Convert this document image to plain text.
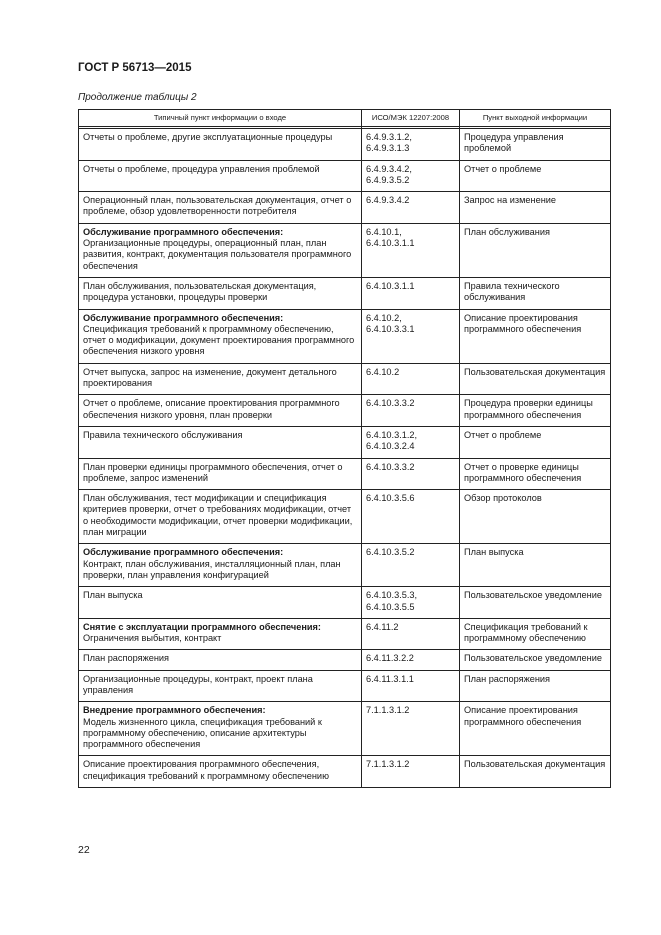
ГОСТ Р 56713—2015
Продолжение таблицы 2
Типичный пункт информации о входе	ИСО/МЭК 12207:2008	Пункт выходной информации

Отчеты о проблеме, другие эксплуатационные процедуры	6.4.9.3.1.2,
6.4.9.3.1.3	Процедура управления проблемой

Отчеты о проблеме, процедура управления проблемой	6.4.9.3.4.2,
6.4.9.3.5.2	Отчет о проблеме

Операционный план, пользовательская документация, отчет о проблеме, обзор удовлетворенности потребителя	6.4.9.3.4.2	Запрос на изменение

Обслуживание программного обеспечения:
Организационные процедуры, операционный план, план развития, контракт, документация пользователя программного обеспечения	6.4.10.1,
6.4.10.3.1.1	План обслуживания

План обслуживания, пользовательская документация, процедура установки, процедуры проверки	6.4.10.3.1.1	Правила технического обслуживания

Обслуживание программного обеспечения:
Спецификация требований к программному обеспечению, отчет о модификации, документ проектирования программного обеспечения низкого уровня	6.4.10.2,
6.4.10.3.3.1	Описание проектирования программного обеспечения

Отчет выпуска, запрос на изменение, документ детального проектирования	6.4.10.2	Пользовательская документация

Отчет о проблеме, описание проектирования программного обеспечения низкого уровня, план проверки	6.4.10.3.3.2	Процедура проверки единицы программного обеспечения

Правила технического обслуживания	6.4.10.3.1.2,
6.4.10.3.2.4	Отчет о проблеме

План проверки единицы программного обеспечения, отчет о проблеме, запрос изменений	6.4.10.3.3.2	Отчет о проверке единицы программного обеспечения

План обслуживания, тест модификации и спецификация критериев проверки, отчет о требованиях модификации, отчет о необходимости модификации, отчет проверки модификации, план миграции	6.4.10.3.5.6	Обзор протоколов

Обслуживание программного обеспечения:
Контракт, план обслуживания, инсталляционный план, план проверки, план управления конфигурацией	6.4.10.3.5.2	План выпуска

План выпуска	6.4.10.3.5.3,
6.4.10.3.5.5	Пользовательское уведомление

Снятие с эксплуатации программного обеспечения:
Ограничения выбытия, контракт	6.4.11.2	Спецификация требований к программному обеспечению

План распоряжения	6.4.11.3.2.2	Пользовательское уведомление

Организационные процедуры, контракт, проект плана управления	6.4.11.3.1.1	План распоряжения

Внедрение программного обеспечения:
Модель жизненного цикла, спецификация требований к программному обеспечению, описание архитектуры программного обеспечения	7.1.1.3.1.2	Описание проектирования программного обеспечения

Описание проектирования программного обеспечения, спецификация требований к программному обеспечению	7.1.1.3.1.2	Пользовательская документация
22
